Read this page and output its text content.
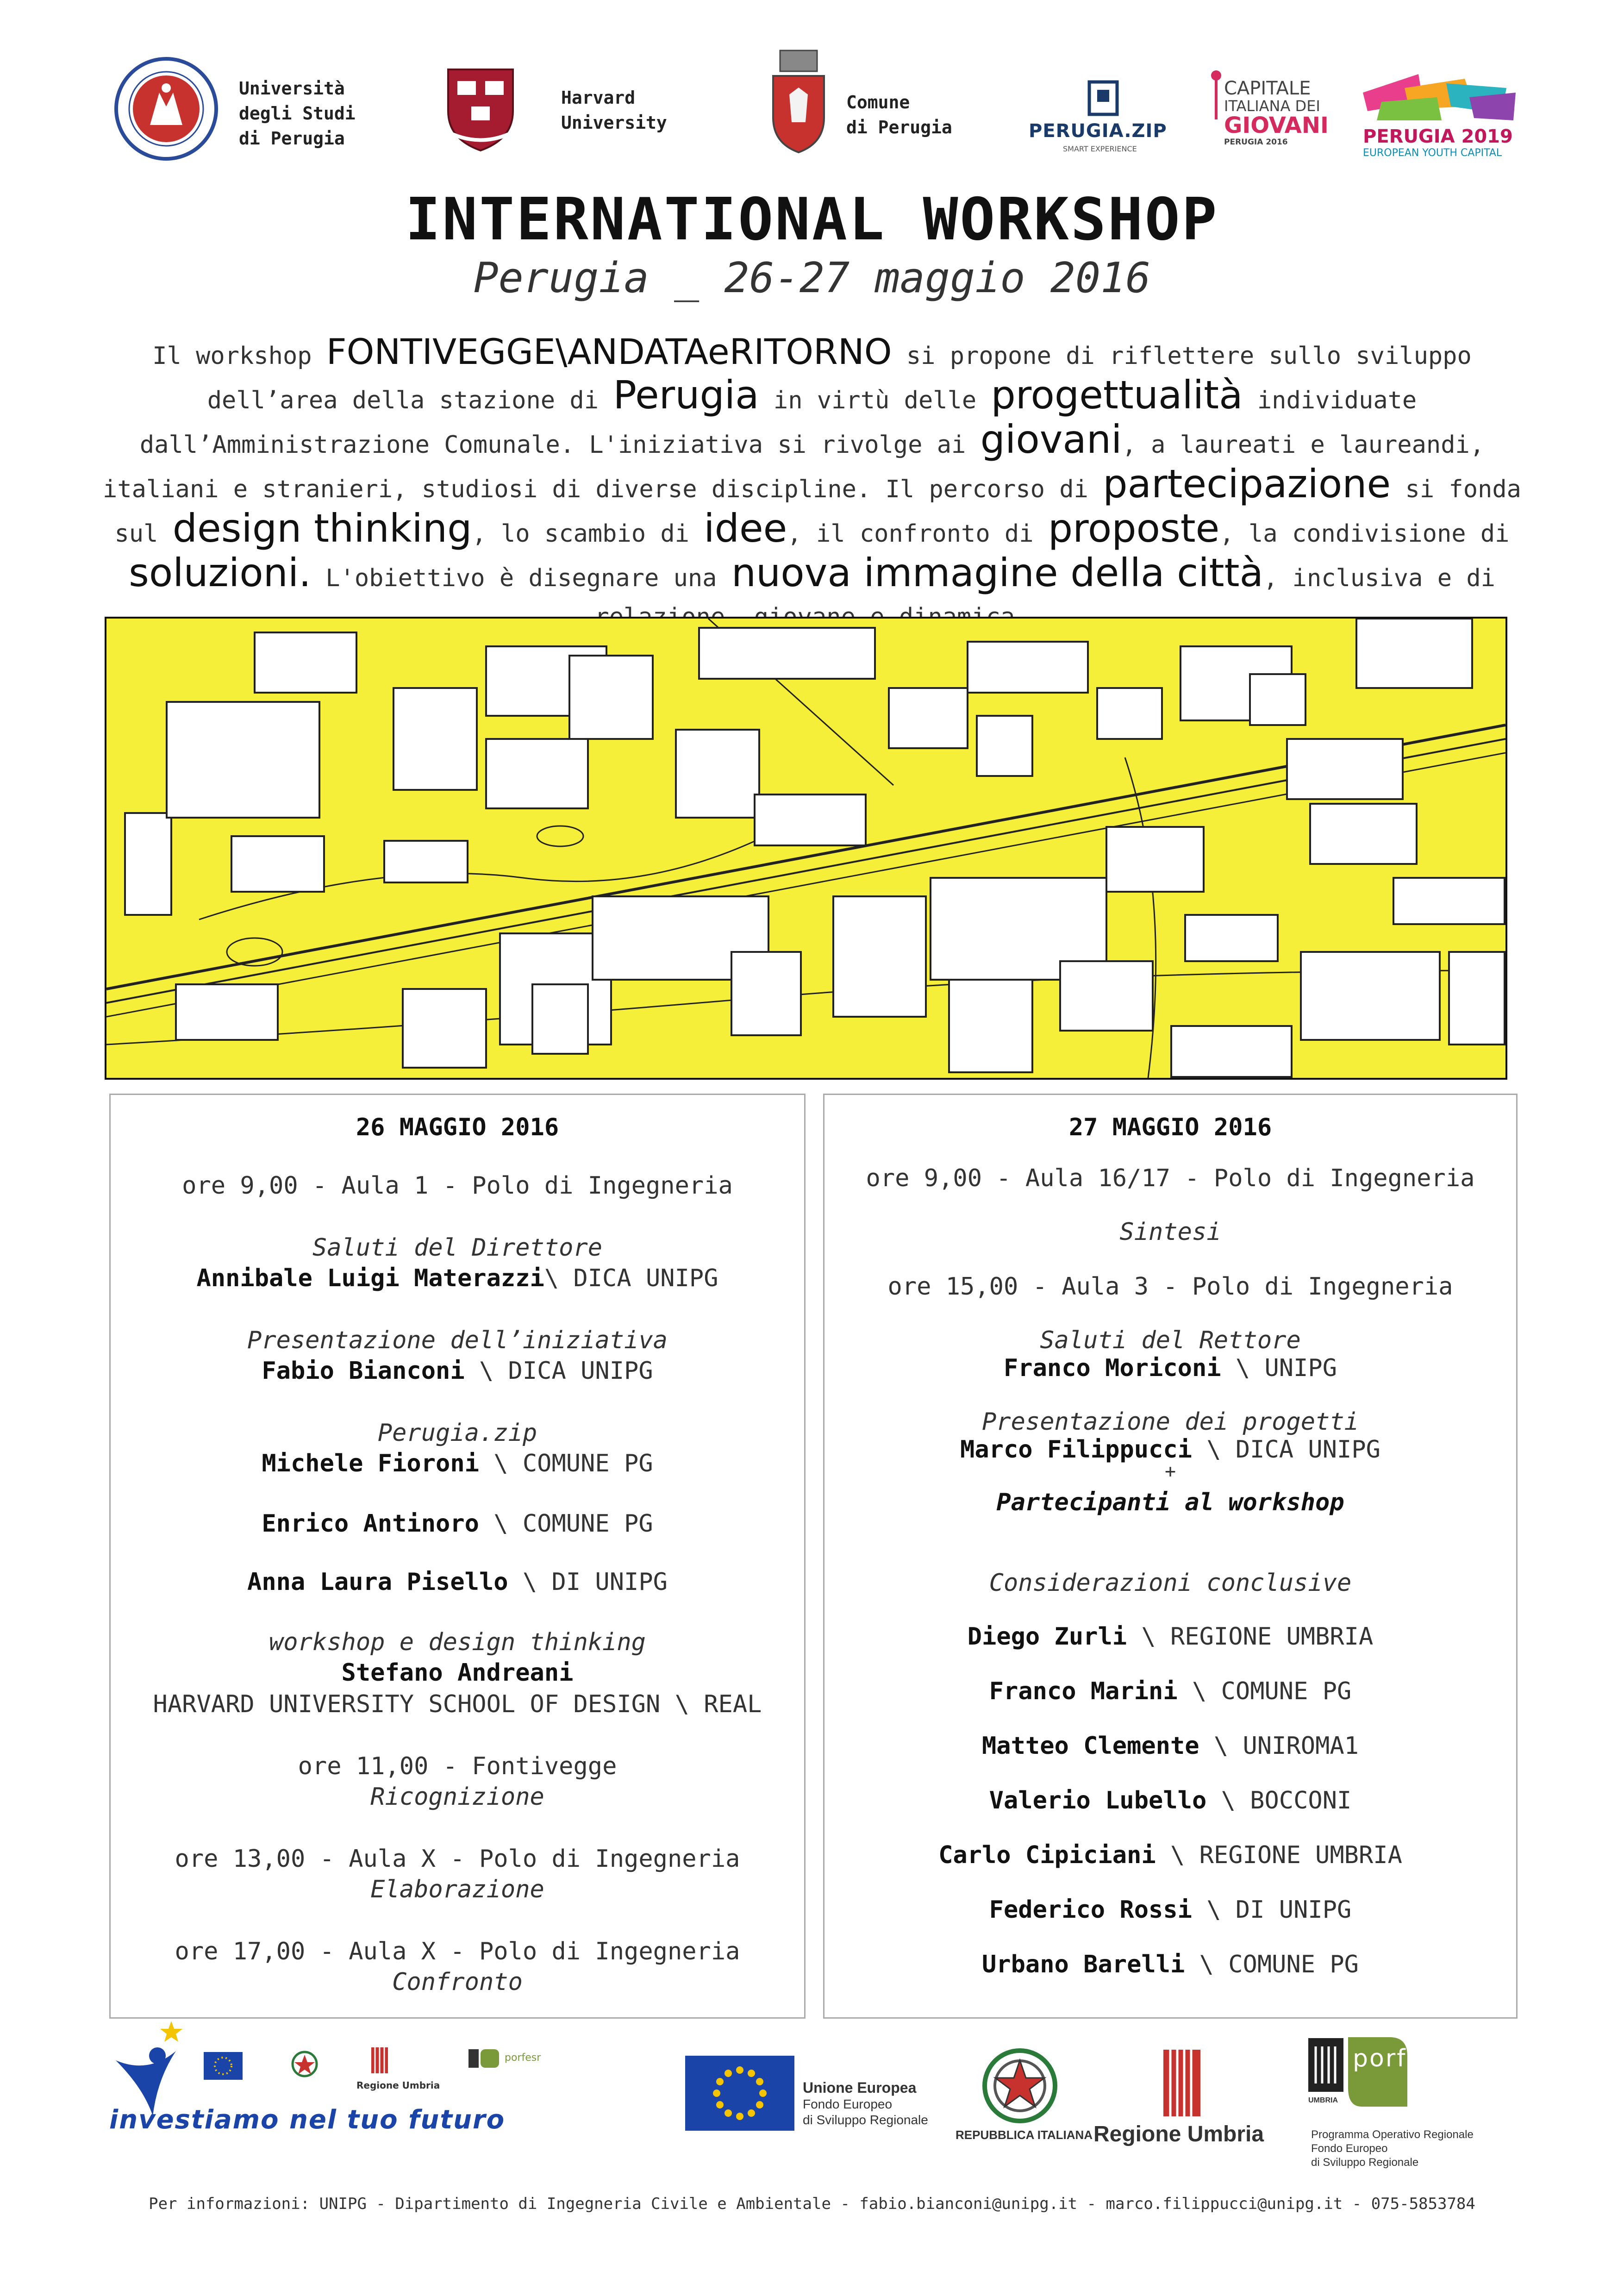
Università
degli Studi
di Perugia
Harvard
University
Comune
di Perugia	PERUGIA.ZIP
SMART EXPERIENCE
CAPITALE
ITALIANA DEI
GIOVANI
PERUGIA 2016	PERUGIA 2019
EUROPEAN YOUTH CAPITAL
INTERNATIONAL WORKSHOP
Perugia _ 26-27 maggio 2016
Il workshop FONTIVEGGE\ANDATAeRITORNO si propone di riflettere sullo sviluppo dell’area della stazione di Perugia in virtù delle progettualità individuate dall’Amministrazione Comunale. L'iniziativa si rivolge ai giovani, a laureati e laureandi, italiani e stranieri, studiosi di diverse discipline. Il percorso di partecipazione si fonda sul design thinking, lo scambio di idee, il confronto di proposte, la condivisione di soluzioni. L'obiettivo è disegnare una nuova immagine della città, inclusiva e di
26 MAGGIO 2016
ore 9,00 - Aula 1 - Polo di Ingegneria
Saluti del Direttore
Annibale Luigi Materazzi\ DICA UNIPG
Presentazione dell’iniziativa
Fabio Bianconi \ DICA UNIPG
Perugia.zip
Michele Fioroni \ COMUNE PG
Enrico Antinoro \ COMUNE PG
Anna Laura Pisello \ DI UNIPG
workshop e design thinking
Stefano Andreani
HARVARD UNIVERSITY SCHOOL OF DESIGN \ REAL
ore 11,00 - Fontivegge
Ricognizione
ore 13,00 - Aula X - Polo di Ingegneria
Elaborazione
ore 17,00 - Aula X - Polo di Ingegneria
Confronto
27 MAGGIO 2016
ore 9,00 - Aula 16/17 - Polo di Ingegneria
Sintesi
ore 15,00 - Aula 3 - Polo di Ingegneria
Saluti del Rettore
Franco Moriconi \ UNIPG
Presentazione dei progetti
Marco Filippucci \ DICA UNIPG
+
Partecipanti al workshop
Considerazioni conclusive
Diego Zurli \ REGIONE UMBRIA
Franco Marini \ COMUNE PG
Matteo Clemente \ UNIROMA1
Valerio Lubello \ BOCCONI
Carlo Cipiciani \ REGIONE UMBRIA
Federico Rossi \ DI UNIPG
Urbano Barelli \ COMUNE PG
investiamo nel tuo futuro
Regione Umbria
porfesr
Unione Europea
Fondo Europeo
di Sviluppo Regionale
REPUBBLICA ITALIANA Regione Umbria
UMBRIA
porfesr
Programma Operativo Regionale
Fondo Europeo
di Sviluppo Regionale
Per informazioni: UNIPG - Dipartimento di Ingegneria Civile e Ambientale - fabio.bianconi@unipg.it - marco.filippucci@unipg.it - 075-5853784
